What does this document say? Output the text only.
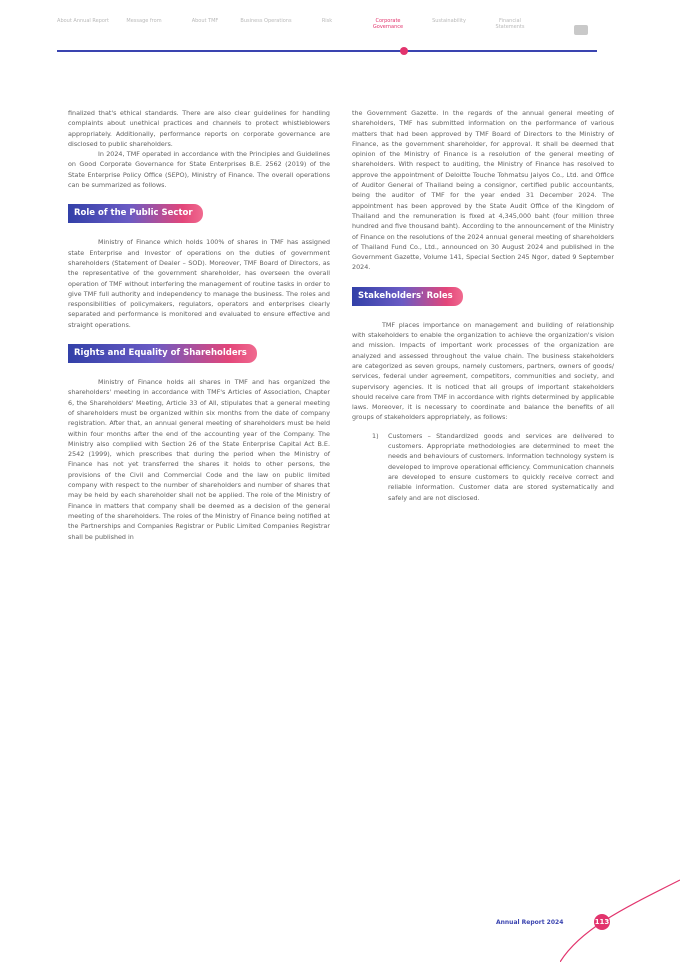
About Annual Report	Message from	About TMF	Business Operations	Risk	Corporate Governance
Sustainability	Financial Statements

finalized that's ethical standards. There are also clear guidelines for handling complaints about unethical practices and channels to protect whistleblowers appropriately. Additionally, performance reports on corporate governance are disclosed to public shareholders.

In 2024, TMF operated in accordance with the Principles and Guidelines on Good Corporate Governance for State Enterprises B.E. 2562 (2019) of the State Enterprise Policy Office (SEPO), Ministry of Finance. The overall operations can be summarized as follows.

Role of the Public Sector

Ministry of Finance which holds 100% of shares in TMF has assigned state Enterprise and Investor of operations on the duties of government shareholders (Statement of Dealer – SOD). Moreover, TMF Board of Directors, as the representative of the government shareholder, has overseen the overall operation of TMF without interfering the management of routine tasks in order to give TMF full authority and independency to manage the business. The roles and responsibilities of policymakers, regulators, operators and enterprises clearly separated and performance is monitored and evaluated to ensure effective and straight operations.

Rights and Equality of Shareholders

Ministry of Finance holds all shares in TMF and has organized the shareholders' meeting in accordance with TMF's Articles of Association, Chapter 6, the Shareholders' Meeting, Article 33 of All, stipulates that a general meeting of shareholders must be organized within six months from the date of company registration. After that, an annual general meeting of shareholders must be held within four months after the end of the accounting year of the Company. The Ministry also complied with Section 26 of the State Enterprise Capital Act B.E. 2542 (1999), which prescribes that during the period when the Ministry of Finance has not yet transferred the shares it holds to other persons, the provisions of the Civil and Commercial Code and the law on public limited company with respect to the number of shareholders and number of shares that may be held by each shareholder shall not be applied. The role of the Ministry of Finance in matters that company shall be deemed as a decision of the general meeting of the shareholders. The roles of the Ministry of Finance being notified at the Partnerships and Companies Registrar or Public Limited Companies Registrar shall be published in

the Government Gazette. In the regards of the annual general meeting of shareholders, TMF has submitted information on the performance of various matters that had been approved by TMF Board of Directors to the Ministry of Finance, as the government shareholder, for approval. It shall be deemed that opinion of the Ministry of Finance is a resolution of the general meeting of shareholders. With respect to auditing, the Ministry of Finance has resolved to approve the appointment of Deloitte Touche Tohmatsu Jaiyos Co., Ltd. and Office of Auditor General of Thailand being a consignor, certified public accountants, being the auditor of TMF for the year ended 31 December 2024. The appointment has been approved by the State Audit Office of the Kingdom of Thailand and the remuneration is fixed at 4,345,000 baht (four million three hundred and five thousand baht). According to the announcement of the Ministry of Finance on the resolutions of the 2024 annual general meeting of shareholders of Thailand Fund Co., Ltd., announced on 30 August 2024 and published in the Government Gazette, Volume 141, Special Section 245 Ngor, dated 9 September 2024.

Stakeholders' Roles

TMF places importance on management and building of relationship with stakeholders to enable the organization to achieve the organization's vision and mission. Impacts of important work processes of the organization are analyzed and assessed throughout the value chain. The business stakeholders are categorized as seven groups, namely customers, partners, owners of goods/ services, federal under agreement, competitors, communities and society, and supervisory agencies. It is noticed that all groups of important stakeholders should receive care from TMF in accordance with rights determined by applicable laws. Moreover, it is necessary to coordinate and balance the benefits of all groups of stakeholders appropriately, as follows:

1)	Customers – Standardized goods and services are delivered to customers. Appropriate methodologies are determined to meet the needs and behaviours of customers. Information technology system is developed to improve operational efficiency. Communication channels are developed to ensure customers to quickly receive correct and reliable information. Customer data are stored systematically and safely and are not disclosed.
Annual Report 2024	113
